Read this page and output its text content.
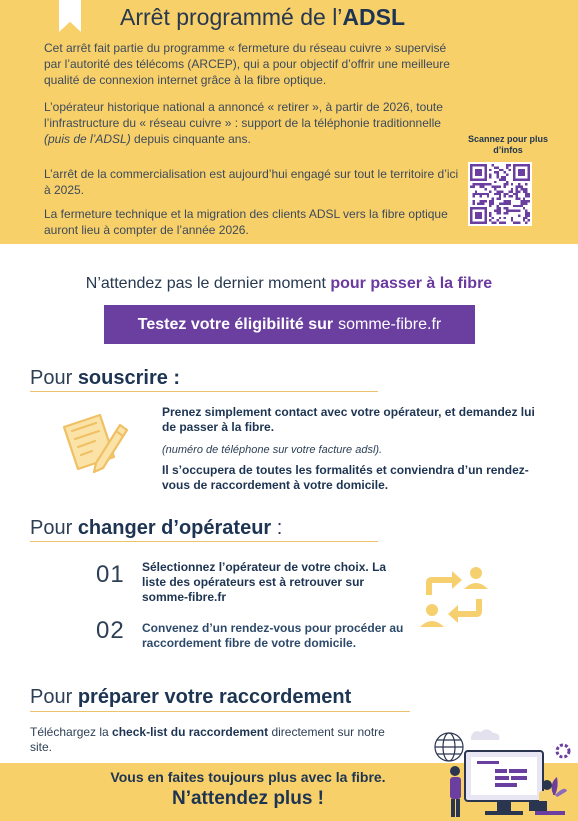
Arrêt programmé de l’ADSL
Cet arrêt fait partie du programme « fermeture du réseau cuivre » supervisé par l’autorité des télécoms (ARCEP), qui a pour objectif d’offrir une meilleure qualité de connexion internet grâce à la fibre optique.
L’opérateur historique national a annoncé « retirer », à partir de 2026, toute l’infrastructure du « réseau cuivre » : support de la téléphonie traditionnelle (puis de l’ADSL) depuis cinquante ans.
L’arrêt de la commercialisation est aujourd’hui engagé sur tout le territoire d’ici à 2025.
La fermeture technique et la migration des clients ADSL vers la fibre optique auront lieu à compter de l’année 2026.
Scannez pour plus d’infos
N’attendez pas le dernier moment pour passer à la fibre
Testez votre éligibilité sur somme-fibre.fr
Pour souscrire :
Prenez simplement contact avec votre opérateur, et demandez lui de passer à la fibre.
(numéro de téléphone sur votre facture adsl).
Il s’occupera de toutes les formalités et conviendra d’un rendez-vous de raccordement à votre domicile.
Pour changer d’opérateur :
01 Sélectionnez l’opérateur de votre choix. La liste des opérateurs est à retrouver sur somme-fibre.fr
02 Convenez d’un rendez-vous pour procéder au raccordement fibre de votre domicile.
Pour préparer votre raccordement
Téléchargez la check-list du raccordement directement sur notre site.
Vous en faites toujours plus avec la fibre.
N’attendez plus !
